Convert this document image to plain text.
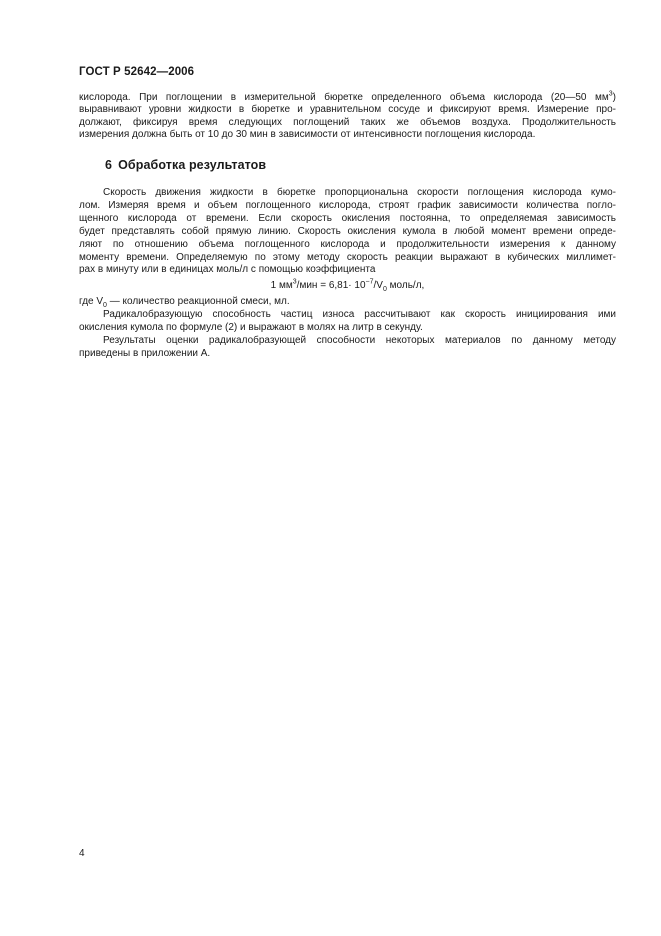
ГОСТ Р 52642—2006
кислорода. При поглощении в измерительной бюретке определенного объема кислорода (20—50 $мм^3$)
выравнивают уровни жидкости в бюретке и уравнительном сосуде и фиксируют время. Измерение про-
должают, фиксируя время следующих поглощений таких же объемов воздуха. Продолжительность
измерения должна быть от 10 до 30 мин в зависимости от интенсивности поглощения кислорода.
6 Обработка результатов
Скорость движения жидкости в бюретке пропорциональна скорости поглощения кислорода кумо-
лом. Измеряя время и объем поглощенного кислорода, строят график зависимости количества погло-
щенного кислорода от времени. Если скорость окисления постоянна, то определяемая зависимость
будет представлять собой прямую линию. Скорость окисления кумола в любой момент времени опреде-
ляют по отношению объема поглощенного кислорода и продолжительности измерения к данному
моменту времени. Определяемую по этому методу скорость реакции выражают в кубических миллимет-
рах в минуту или в единицах моль/л с помощью коэффициента
1 $мм^3$/мин = $6,81\cdot 10^{-7}/V_0$ моль/л,
где $V_0$ — количество реакционной смеси, мл.
Радикалобразующую способность частиц износа рассчитывают как скорость инициирования ими
окисления кумола по формуле (2) и выражают в молях на литр в секунду.
Результаты оценки радикалобразующей способности некоторых материалов по данному методу
приведены в приложении А.
4
